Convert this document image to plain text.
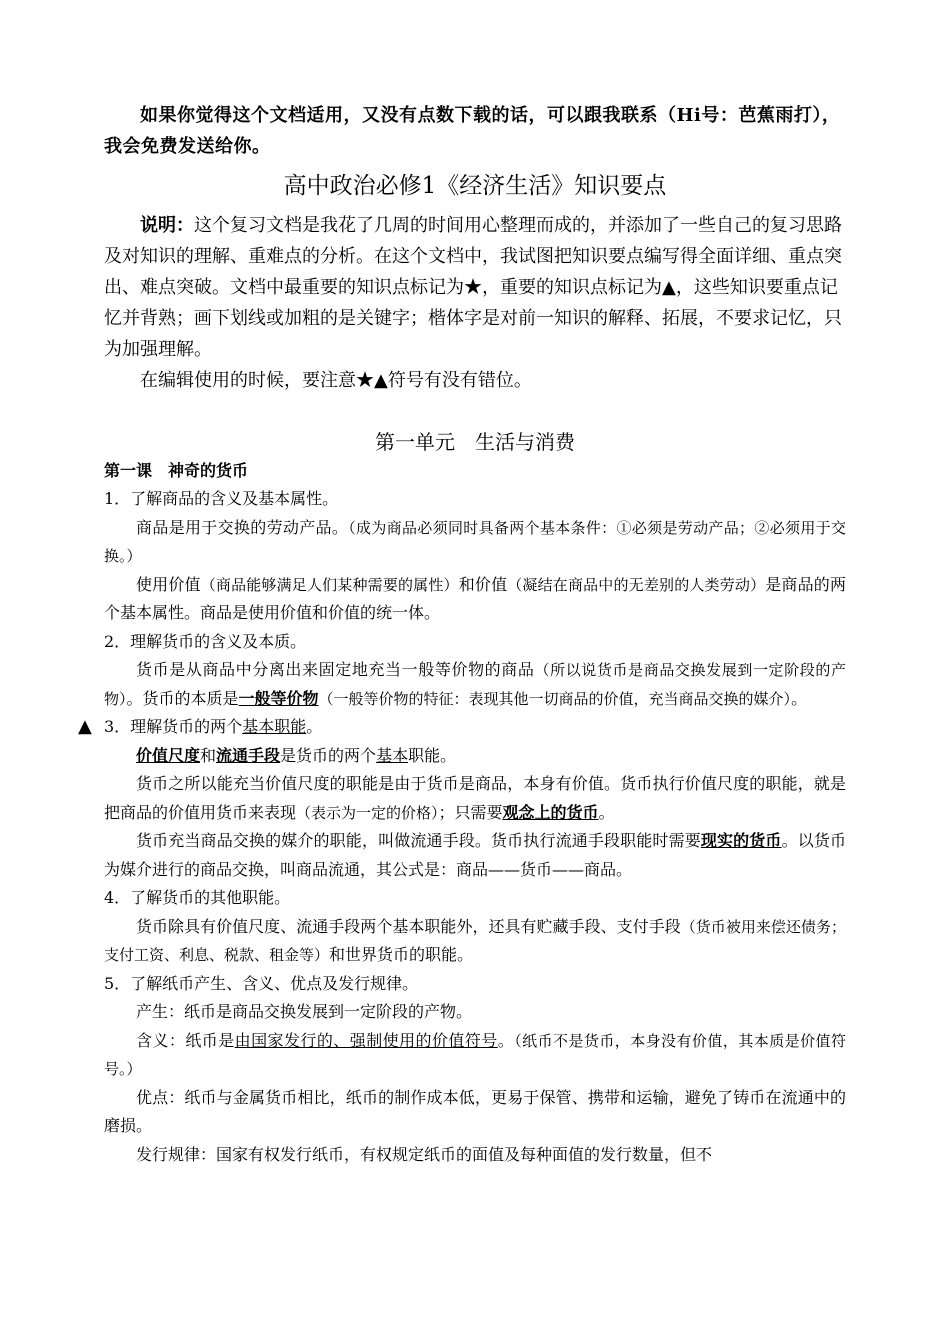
如果你觉得这个文档适用，又没有点数下载的话，可以跟我联系（Hi号：芭蕉雨打），我会免费发送给你。

高中政治必修1《经济生活》知识要点

说明：这个复习文档是我花了几周的时间用心整理而成的，并添加了一些自己的复习思路及对知识的理解、重难点的分析。在这个文档中，我试图把知识要点编写得全面详细、重点突出、难点突破。文档中最重要的知识点标记为★，重要的知识点标记为▲，这些知识要重点记忆并背熟；画下划线或加粗的是关键字；楷体字是对前一知识的解释、拓展，不要求记忆，只为加强理解。

在编辑使用的时候，要注意★▲符号有没有错位。

第一单元　生活与消费

第一课　神奇的货币

1．了解商品的含义及基本属性。

商品是用于交换的劳动产品。（成为商品必须同时具备两个基本条件：①必须是劳动产品；②必须用于交换。）

使用价值（商品能够满足人们某种需要的属性）和价值（凝结在商品中的无差别的人类劳动）是商品的两个基本属性。商品是使用价值和价值的统一体。

2．理解货币的含义及本质。

货币是从商品中分离出来固定地充当一般等价物的商品（所以说货币是商品交换发展到一定阶段的产物）。货币的本质是一般等价物（一般等价物的特征：表现其他一切商品的价值，充当商品交换的媒介）。

▲ 3．理解货币的两个基本职能。

价值尺度和流通手段是货币的两个基本职能。

货币之所以能充当价值尺度的职能是由于货币是商品，本身有价值。货币执行价值尺度的职能，就是把商品的价值用货币来表现（表示为一定的价格）；只需要观念上的货币。

货币充当商品交换的媒介的职能，叫做流通手段。货币执行流通手段职能时需要现实的货币。以货币为媒介进行的商品交换，叫商品流通，其公式是：商品——货币——商品。

4．了解货币的其他职能。

货币除具有价值尺度、流通手段两个基本职能外，还具有贮藏手段、支付手段（货币被用来偿还债务；支付工资、利息、税款、租金等）和世界货币的职能。

5．了解纸币产生、含义、优点及发行规律。

产生：纸币是商品交换发展到一定阶段的产物。

含义：纸币是由国家发行的、强制使用的价值符号。（纸币不是货币，本身没有价值，其本质是价值符号。）

优点：纸币与金属货币相比，纸币的制作成本低，更易于保管、携带和运输，避免了铸币在流通中的磨损。

发行规律：国家有权发行纸币，有权规定纸币的面值及每种面值的发行数量，但不
